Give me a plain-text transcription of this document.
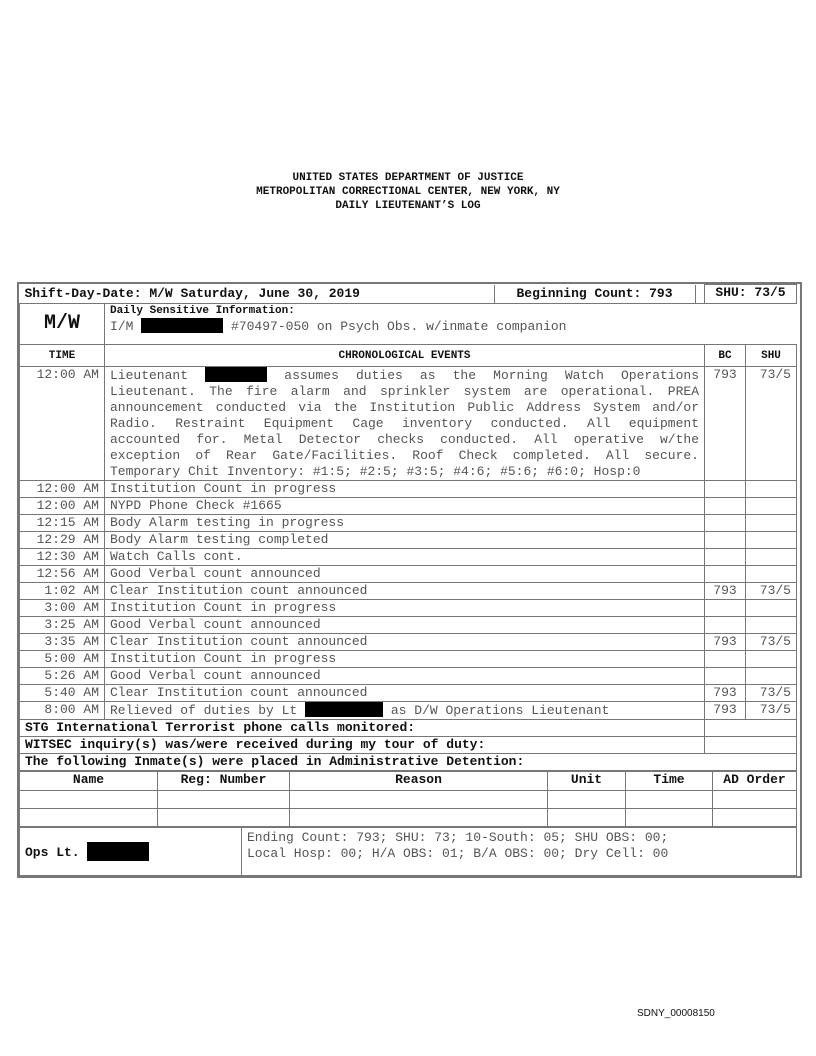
UNITED STATES DEPARTMENT OF JUSTICE
METROPOLITAN CORRECTIONAL CENTER, NEW YORK, NY
DAILY LIEUTENANT’S LOG
Shift-Day-Date: M/W Saturday, June 30, 2019 Beginning Count: 793		SHU: 73/5	
M/W	Daily Sensitive Information:
I/M #70497-050 on Psych Obs. w/inmate companion		

TIME	CHRONOLOGICAL EVENTS	BC	SHU
12:00 AM	Lieutenant assumes duties as the Morning Watch Operations Lieutenant. The fire alarm and sprinkler system are operational. PREA announcement conducted via the Institution Public Address System and/or Radio. Restraint Equipment Cage inventory conducted. All equipment accounted for. Metal Detector checks conducted. All operative w/the exception of Rear Gate/Facilities. Roof Check completed. All secure. Temporary Chit Inventory: #1:5; #2:5; #3:5; #4:6; #5:6; #6:0; Hosp:0	793	73/5
12:00 AM	Institution Count in progress		
12:00 AM	NYPD Phone Check #1665		
12:15 AM	Body Alarm testing in progress		
12:29 AM	Body Alarm testing completed		
12:30 AM	Watch Calls cont.		
12:56 AM	Good Verbal count announced		
1:02 AM	Clear Institution count announced	793	73/5
3:00 AM	Institution Count in progress		
3:25 AM	Good Verbal count announced		
3:35 AM	Clear Institution count announced	793	73/5
5:00 AM	Institution Count in progress		
5:26 AM	Good Verbal count announced		
5:40 AM	Clear Institution count announced	793	73/5
8:00 AM	Relieved of duties by Lt as D/W Operations Lieutenant	793	73/5
STG International Terrorist phone calls monitored:			
WITSEC inquiry(s) was/were received during my tour of duty:			
The following Inmate(s) were placed in Administrative Detention:			
Name	Reg: Number	Reason	Unit	Time	AD Order

Ops Lt.	
Ending Count: 793; SHU: 73; 10-South: 05; SHU OBS: 00;
Local Hosp: 00; H/A OBS: 01; B/A OBS: 00; Dry Cell: 00
SDNY_00008150
